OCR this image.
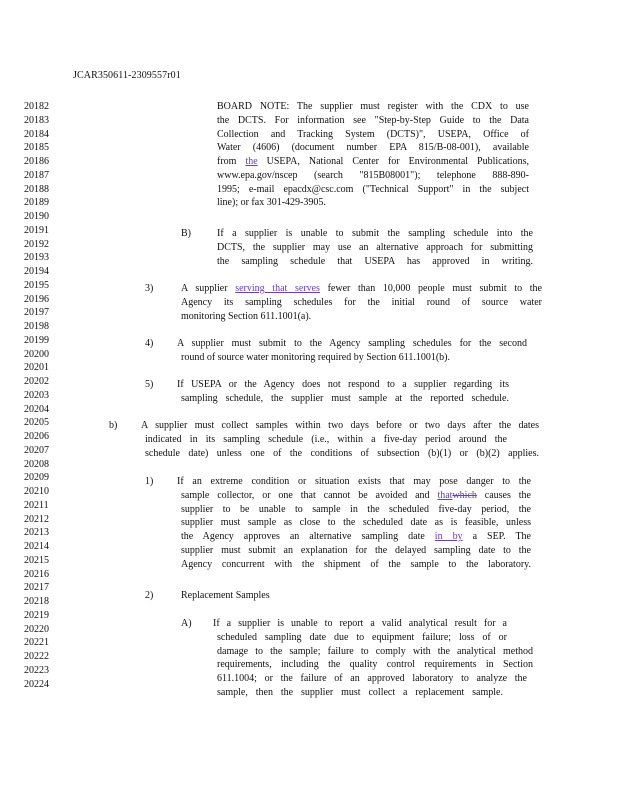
JCAR350611-2309557r01
20182
20183
20184
20185
20186
20187
20188
20189
20190
20191
20192
20193
20194
20195
20196
20197
20198
20199
20200
20201
20202
20203
20204
20205
20206
20207
20208
20209
20210
20211
20212
20213
20214
20215
20216
20217
20218
20219
20220
20221
20222
20223
20224
BOARD NOTE: The supplier must register with the CDX to use
the DCTS. For information see "Step-by-Step Guide to the Data
Collection and Tracking System (DCTS)", USEPA, Office of
Water (4606) (document number EPA 815/B-08-001), available
from the USEPA, National Center for Environmental Publications,
www.epa.gov/nscep (search "815B08001"); telephone 888-890-
1995; e-mail epacdx@csc.com ("Technical Support" in the subject
line); or fax 301-429-3905.
B)	If a supplier is unable to submit the sampling schedule into the
DCTS, the supplier may use an alternative approach for submitting
the sampling schedule that USEPA has approved in writing.
3)	A supplier serving that serves fewer than 10,000 people must submit to the
Agency its sampling schedules for the initial round of source water
monitoring Section 611.1001(a).
4) A supplier must submit to the Agency sampling schedules for the second
round of source water monitoring required by Section 611.1001(b).
5) If USEPA or the Agency does not respond to a supplier regarding its
sampling schedule, the supplier must sample at the reported schedule.
b) A supplier must collect samples within two days before or two days after the dates
indicated in its sampling schedule (i.e., within a five-day period around the
schedule date) unless one of the conditions of subsection (b)(1) or (b)(2) applies.
1) If an extreme condition or situation exists that may pose danger to the
sample collector, or one that cannot be avoided and thatwhich causes the
supplier to be unable to sample in the scheduled five-day period, the
supplier must sample as close to the scheduled date as is feasible, unless
the Agency approves an alternative sampling date in by a SEP. The
supplier must submit an explanation for the delayed sampling date to the
Agency concurrent with the shipment of the sample to the laboratory.
2)	Replacement Samples
A) If a supplier is unable to report a valid analytical result for a
scheduled sampling date due to equipment failure; loss of or
damage to the sample; failure to comply with the analytical method
requirements, including the quality control requirements in Section
611.1004; or the failure of an approved laboratory to analyze the
sample, then the supplier must collect a replacement sample.
